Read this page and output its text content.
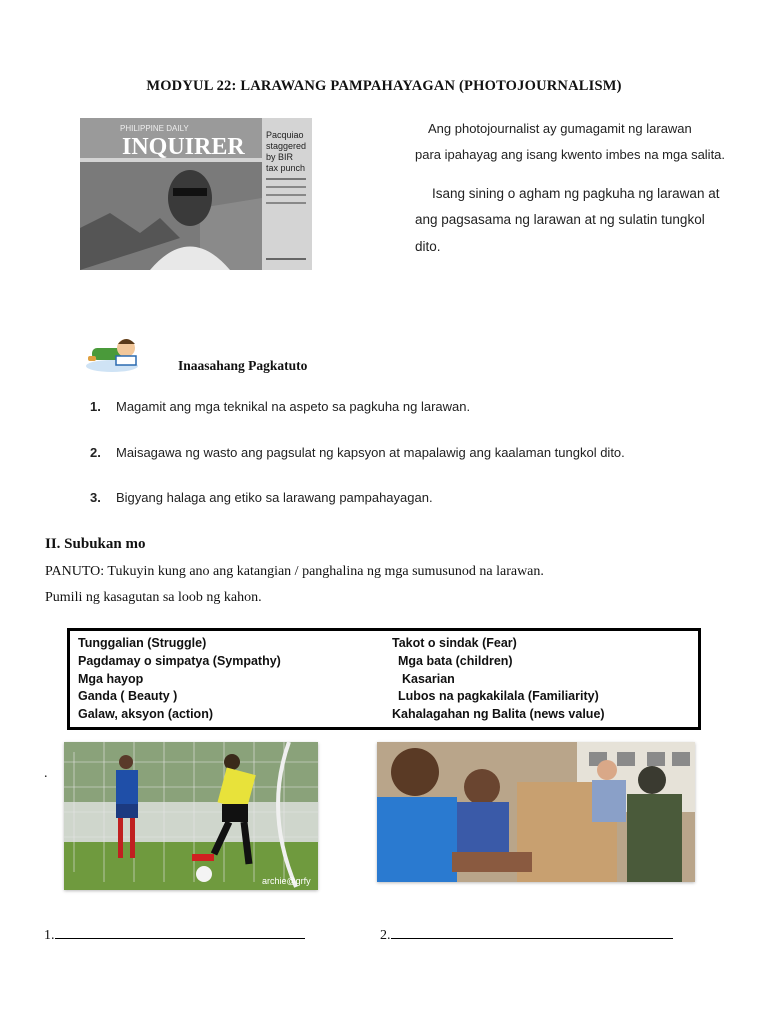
MODYUL 22: LARAWANG PAMPAHAYAGAN (PHOTOJOURNALISM)
PHILIPPINE DAILY
INQUIRER Pacquiao
staggered
by BIR
tax punch
Ang photojournalist ay gumagamit ng larawan
para ipahayag ang isang kwento imbes na mga salita.
Isang sining o agham ng pagkuha ng larawan at
ang pagsasama ng larawan at ng sulatin tungkol
dito.
Inaasahang Pagkatuto
1. Magamit ang mga teknikal na aspeto sa pagkuha ng larawan.
2. Maisagawa ng wasto ang pagsulat ng kapsyon at mapalawig ang kaalaman tungkol dito.
3. Bigyang halaga ang etiko sa larawang pampahayagan.
II. Subukan mo
PANUTO: Tukuyin kung ano ang katangian / panghalina ng mga sumusunod na larawan.
Pumili ng kasagutan sa loob ng kahon.
Tunggalian (Struggle)
Pagdamay o simpatya (Sympathy)
Mga hayop
Ganda ( Beauty )
Galaw, aksyon (action)
Takot o sindak (Fear)
Mga bata (children)
Kasarian
Lubos na pagkakilala (Familiarity)
Kahalagahan ng Balita (news value)
.
archie@grfy
1.	2.
